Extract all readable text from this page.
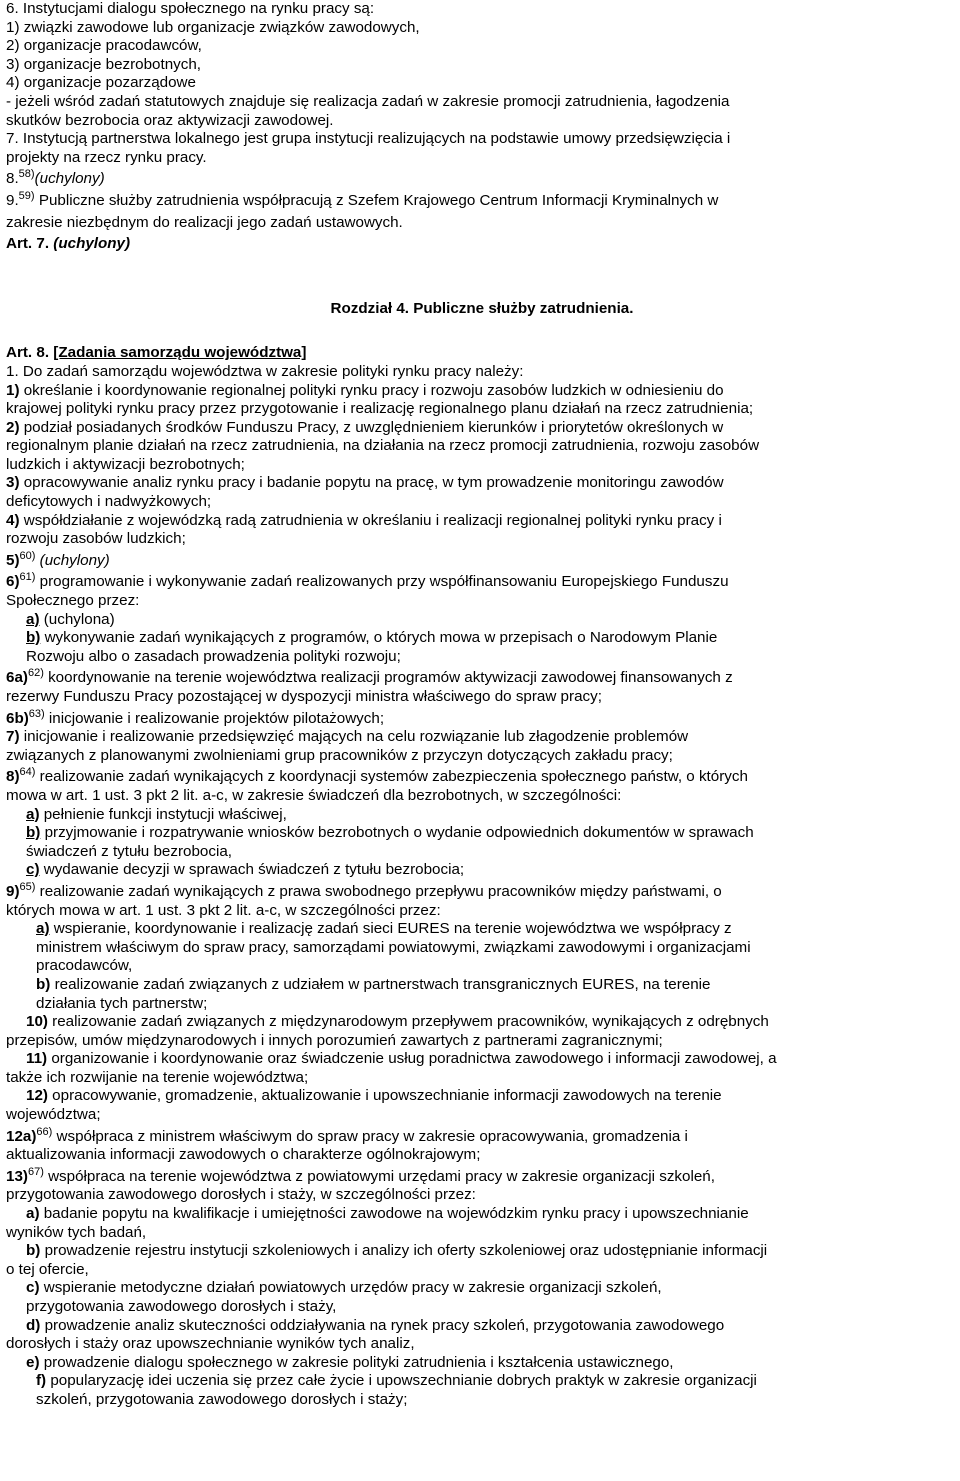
6. Instytucjami dialogu społecznego na rynku pracy są:
1) związki zawodowe lub organizacje związków zawodowych,
2) organizacje pracodawców,
3) organizacje bezrobotnych,
4) organizacje pozarządowe
- jeżeli wśród zadań statutowych znajduje się realizacja zadań w zakresie promocji zatrudnienia, łagodzenia
skutków bezrobocia oraz aktywizacji zawodowej.
7. Instytucją partnerstwa lokalnego jest grupa instytucji realizujących na podstawie umowy przedsięwzięcia i
projekty na rzecz rynku pracy.
8.$^{58)}$(uchylony)
9.$^{59)}$ Publiczne służby zatrudnienia współpracują z Szefem Krajowego Centrum Informacji Kryminalnych w
zakresie niezbędnym do realizacji jego zadań ustawowych.
Art. 7. (uchylony)
Rozdział 4. Publiczne służby zatrudnienia.
Art. 8. [Zadania samorządu województwa]
1. Do zadań samorządu województwa w zakresie polityki rynku pracy należy:
1) określanie i koordynowanie regionalnej polityki rynku pracy i rozwoju zasobów ludzkich w odniesieniu do
krajowej polityki rynku pracy przez przygotowanie i realizację regionalnego planu działań na rzecz zatrudnienia;
2) podział posiadanych środków Funduszu Pracy, z uwzględnieniem kierunków i priorytetów określonych w
regionalnym planie działań na rzecz zatrudnienia, na działania na rzecz promocji zatrudnienia, rozwoju zasobów
ludzkich i aktywizacji bezrobotnych;
3) opracowywanie analiz rynku pracy i badanie popytu na pracę, w tym prowadzenie monitoringu zawodów
deficytowych i nadwyżkowych;
4) współdziałanie z wojewódzką radą zatrudnienia w określaniu i realizacji regionalnej polityki rynku pracy i
rozwoju zasobów ludzkich;
5)$^{60)}$ (uchylony)
6)$^{61)}$ programowanie i wykonywanie zadań realizowanych przy współfinansowaniu Europejskiego Funduszu
Społecznego przez:
a) (uchylona)
b) wykonywanie zadań wynikających z programów, o których mowa w przepisach o Narodowym Planie
Rozwoju albo o zasadach prowadzenia polityki rozwoju;
6a)$^{62)}$ koordynowanie na terenie województwa realizacji programów aktywizacji zawodowej finansowanych z
rezerwy Funduszu Pracy pozostającej w dyspozycji ministra właściwego do spraw pracy;
6b)$^{63)}$ inicjowanie i realizowanie projektów pilotażowych;
7) inicjowanie i realizowanie przedsięwzięć mających na celu rozwiązanie lub złagodzenie problemów
związanych z planowanymi zwolnieniami grup pracowników z przyczyn dotyczących zakładu pracy;
8)$^{64)}$ realizowanie zadań wynikających z koordynacji systemów zabezpieczenia społecznego państw, o których
mowa w art. 1 ust. 3 pkt 2 lit. a-c, w zakresie świadczeń dla bezrobotnych, w szczególności:
a) pełnienie funkcji instytucji właściwej,
b) przyjmowanie i rozpatrywanie wniosków bezrobotnych o wydanie odpowiednich dokumentów w sprawach
świadczeń z tytułu bezrobocia,
c) wydawanie decyzji w sprawach świadczeń z tytułu bezrobocia;
9)$^{65)}$ realizowanie zadań wynikających z prawa swobodnego przepływu pracowników między państwami, o
których mowa w art. 1 ust. 3 pkt 2 lit. a-c, w szczególności przez:
a) wspieranie, koordynowanie i realizację zadań sieci EURES na terenie województwa we współpracy z
ministrem właściwym do spraw pracy, samorządami powiatowymi, związkami zawodowymi i organizacjami
pracodawców,
b) realizowanie zadań związanych z udziałem w partnerstwach transgranicznych EURES, na terenie
działania tych partnerstw;
10) realizowanie zadań związanych z międzynarodowym przepływem pracowników, wynikających z odrębnych
przepisów, umów międzynarodowych i innych porozumień zawartych z partnerami zagranicznymi;
11) organizowanie i koordynowanie oraz świadczenie usług poradnictwa zawodowego i informacji zawodowej, a
także ich rozwijanie na terenie województwa;
12) opracowywanie, gromadzenie, aktualizowanie i upowszechnianie informacji zawodowych na terenie
województwa;
12a)$^{66)}$ współpraca z ministrem właściwym do spraw pracy w zakresie opracowywania, gromadzenia i
aktualizowania informacji zawodowych o charakterze ogólnokrajowym;
13)$^{67)}$ współpraca na terenie województwa z powiatowymi urzędami pracy w zakresie organizacji szkoleń,
przygotowania zawodowego dorosłych i staży, w szczególności przez:
a) badanie popytu na kwalifikacje i umiejętności zawodowe na wojewódzkim rynku pracy i upowszechnianie
wyników tych badań,
b) prowadzenie rejestru instytucji szkoleniowych i analizy ich oferty szkoleniowej oraz udostępnianie informacji
o tej ofercie,
c) wspieranie metodyczne działań powiatowych urzędów pracy w zakresie organizacji szkoleń,
przygotowania zawodowego dorosłych i staży,
d) prowadzenie analiz skuteczności oddziaływania na rynek pracy szkoleń, przygotowania zawodowego
dorosłych i staży oraz upowszechnianie wyników tych analiz,
e) prowadzenie dialogu społecznego w zakresie polityki zatrudnienia i kształcenia ustawicznego,
f) popularyzację idei uczenia się przez całe życie i upowszechnianie dobrych praktyk w zakresie organizacji
szkoleń, przygotowania zawodowego dorosłych i staży;
